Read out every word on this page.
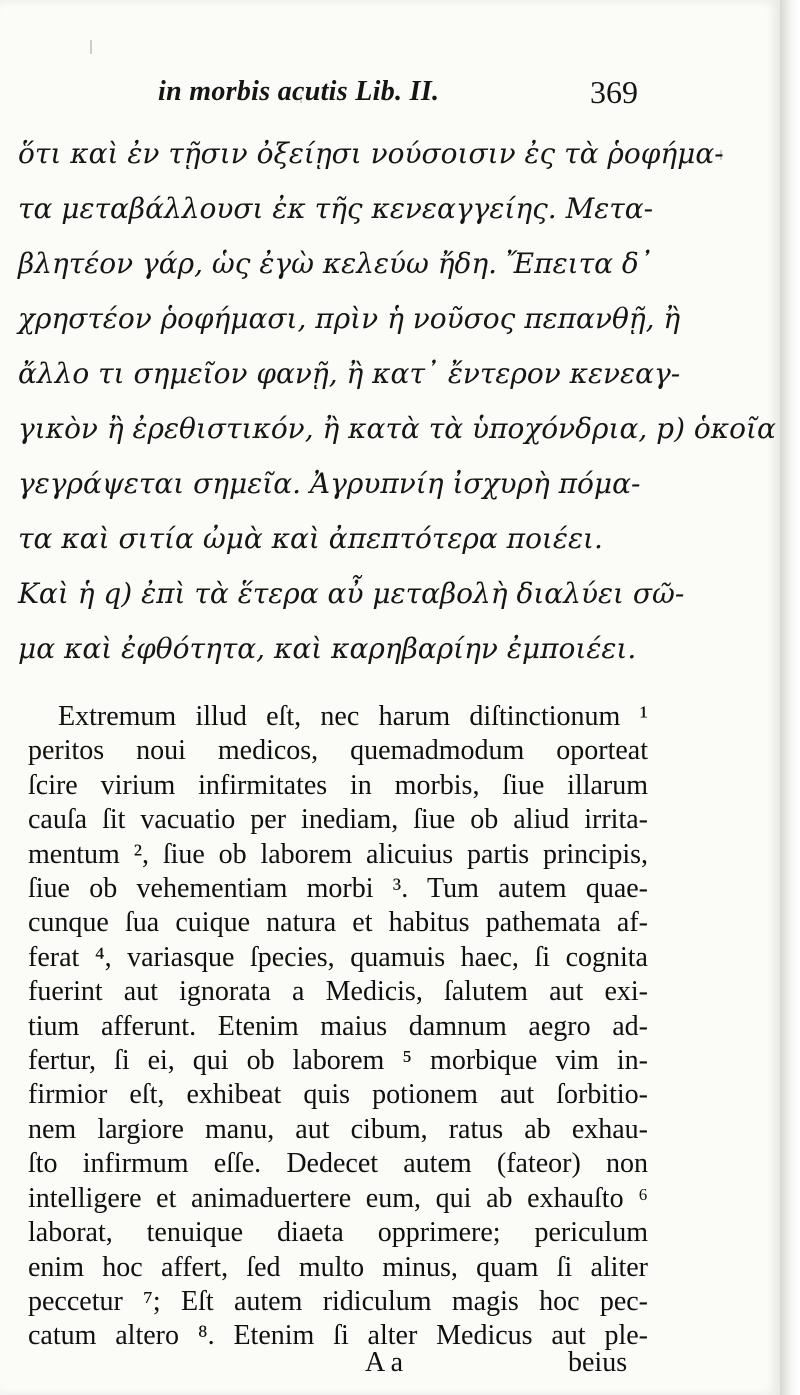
in morbis acutis Lib. II.	369
ὅτι καὶ ἐν τῇσιν ὀξείῃσι νούσοισιν ἐς τὰ ῥοφήμα-
τα μεταβάλλουσι ἐκ τῆς κενεαγγείης. Μετα-
βλητέον γάρ, ὡς ἐγὼ κελεύω ἤδη. Ἔπειτα δ᾽
χρηστέον ῥοφήμασι, πρὶν ἡ νοῦσος πεπανθῇ, ἢ
ἄλλο τι σημεῖον φανῇ, ἢ κατ᾽ ἔντερον κενεαγ-
γικὸν ἢ ἐρεθιστικόν, ἢ κατὰ τὰ ὑποχόνδρια, p) ὁκοῖα
γεγράψεται σημεῖα. Ἀγρυπνίη ἰσχυρὴ πόμα-
τα καὶ σιτία ὠμὰ καὶ ἀπεπτότερα ποιέει.
Καὶ ἡ q) ἐπὶ τὰ ἕτερα αὖ μεταβολὴ διαλύει σῶ-
μα καὶ ἐφθότητα, καὶ καρηβαρίην ἐμποιέει.
Extremum illud eſt, nec harum diſtinctionum ¹
peritos noui medicos, quemadmodum oporteat
ſcire virium infirmitates in morbis, ſiue illarum
cauſa ſit vacuatio per inediam, ſiue ob aliud irrita-
mentum ², ſiue ob laborem alicuius partis principis,
ſiue ob vehementiam morbi ³. Tum autem quae-
cunque ſua cuique natura et habitus pathemata af-
ferat ⁴, variasque ſpecies, quamuis haec, ſi cognita
fuerint aut ignorata a Medicis, ſalutem aut exi-
tium afferunt. Etenim maius damnum aegro ad-
fertur, ſi ei, qui ob laborem ⁵ morbique vim in-
firmior eſt, exhibeat quis potionem aut ſorbitio-
nem largiore manu, aut cibum, ratus ab exhau-
ſto infirmum eſſe. Dedecet autem (fateor) non
intelligere et animaduertere eum, qui ab exhauſto ⁶
laborat, tenuique diaeta opprimere; periculum
enim hoc affert, ſed multo minus, quam ſi aliter
peccetur ⁷; Eſt autem ridiculum magis hoc pec-
catum altero ⁸. Etenim ſi alter Medicus aut ple-
A a	beius
